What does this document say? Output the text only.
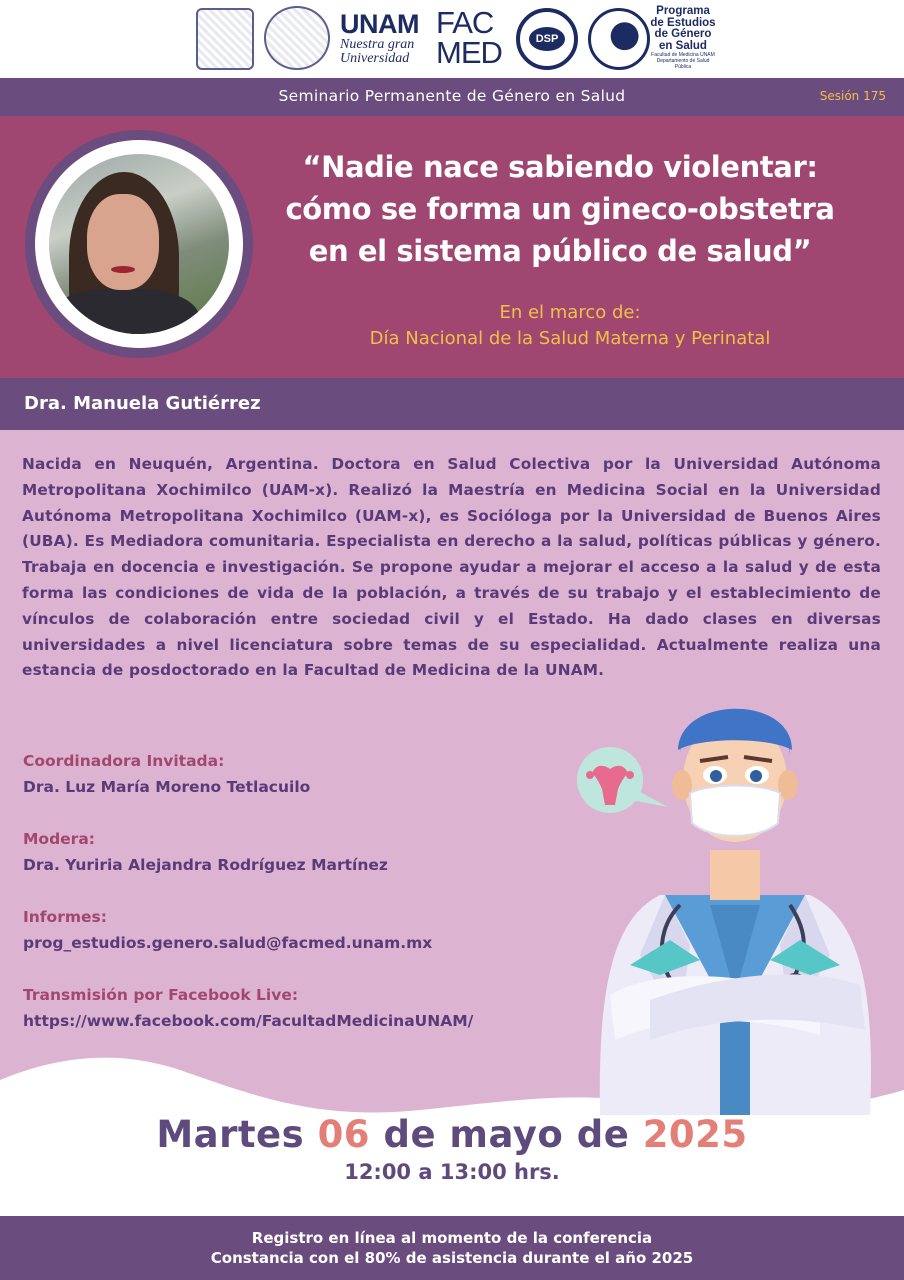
UNAM
Nuestra gran Universidad
FAC
MED	DSP
Programa
de Estudios
de Género
en Salud
Facultad de Medicina UNAM Departamento de Salud Pública
Seminario Permanente de Género en Salud	Sesión 175
“Nadie nace sabiendo violentar: cómo se forma un gineco-obstetra en el sistema público de salud”
En el marco de:
Día Nacional de la Salud Materna y Perinatal
Dra. Manuela Gutiérrez
Nacida en Neuquén, Argentina. Doctora en Salud Colectiva por la Universidad Autónoma Metropolitana Xochimilco (UAM-x). Realizó la Maestría en Medicina Social en la Universidad Autónoma Metropolitana Xochimilco (UAM-x), es Socióloga por la Universidad de Buenos Aires (UBA). Es Mediadora comunitaria. Especialista en derecho a la salud, políticas públicas y género. Trabaja en docencia e investigación. Se propone ayudar a mejorar el acceso a la salud y de esta forma las condiciones de vida de la población, a través de su trabajo y el establecimiento de vínculos de colaboración entre sociedad civil y el Estado. Ha dado clases en diversas universidades a nivel licenciatura sobre temas de su especialidad. Actualmente realiza una estancia de posdoctorado en la Facultad de Medicina de la UNAM.
Coordinadora Invitada:
Dra. Luz María Moreno Tetlacuilo
Modera:
Dra. Yuriria Alejandra Rodríguez Martínez
Informes:
prog_estudios.genero.salud@facmed.unam.mx
Transmisión por Facebook Live:
https://www.facebook.com/FacultadMedicinaUNAM/
Martes 06 de mayo de 2025
12:00 a 13:00 hrs.
Registro en línea al momento de la conferencia
Constancia con el 80% de asistencia durante el año 2025
